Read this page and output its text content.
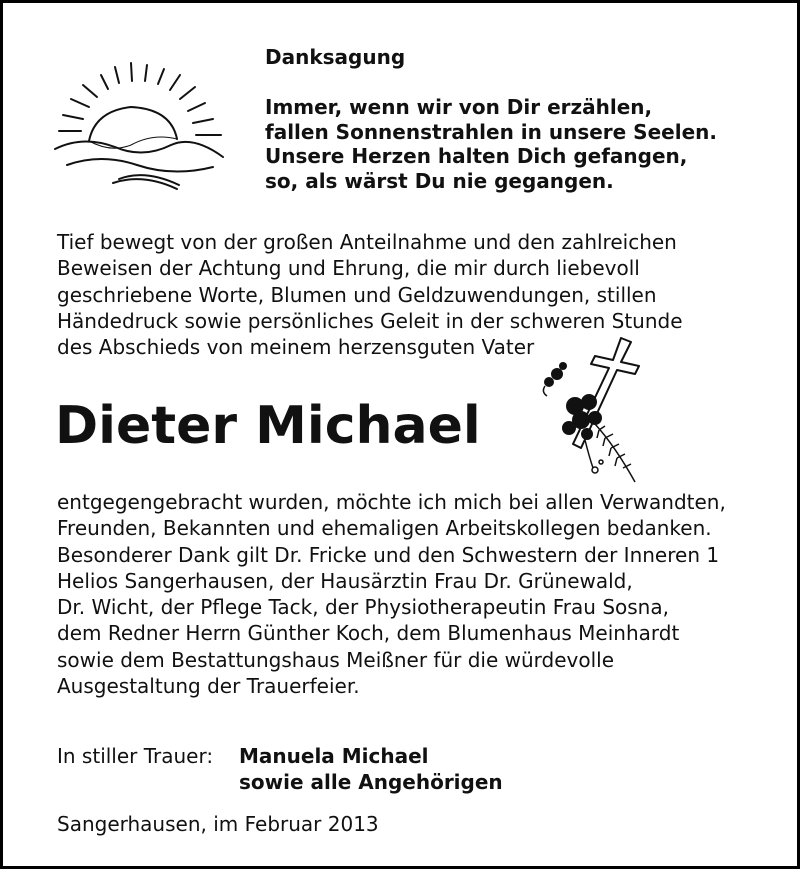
Danksagung
Immer, wenn wir von Dir erzählen,
fallen Sonnenstrahlen in unsere Seelen.
Unsere Herzen halten Dich gefangen,
so, als wärst Du nie gegangen.
Tief bewegt von der großen Anteilnahme und den zahlreichen
Beweisen der Achtung und Ehrung, die mir durch liebevoll
geschriebene Worte, Blumen und Geldzuwendungen, stillen
Händedruck sowie persönliches Geleit in der schweren Stunde
des Abschieds von meinem herzensguten Vater
Dieter Michael
entgegengebracht wurden, möchte ich mich bei allen Verwandten,
Freunden, Bekannten und ehemaligen Arbeitskollegen bedanken.
Besonderer Dank gilt Dr. Fricke und den Schwestern der Inneren 1
Helios Sangerhausen, der Hausärztin Frau Dr. Grünewald,
Dr. Wicht, der Pflege Tack, der Physiotherapeutin Frau Sosna,
dem Redner Herrn Günther Koch, dem Blumenhaus Meinhardt
sowie dem Bestattungshaus Meißner für die würdevolle
Ausgestaltung der Trauerfeier.
In stiller Trauer: Manuela Michael
sowie alle Angehörigen
Sangerhausen, im Februar 2013
